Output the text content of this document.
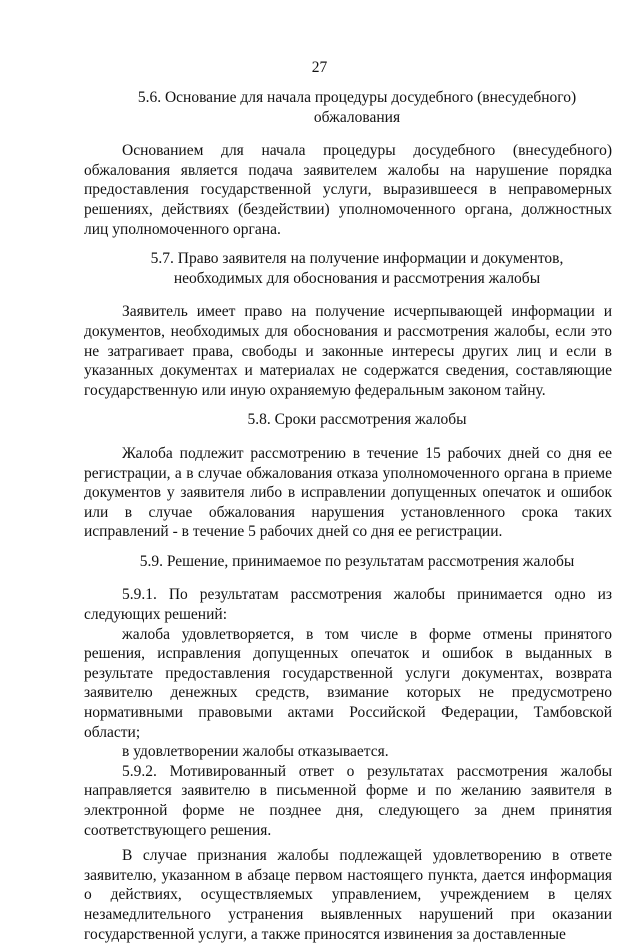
27
5.6. Основание для начала процедуры досудебного (внесудебного)
обжалования

Основанием для начала процедуры досудебного (внесудебного) обжалования является подача заявителем жалобы на нарушение порядка предоставления государственной услуги, выразившееся в неправомерных решениях, действиях (бездействии) уполномоченного органа, должностных лиц уполномоченного органа.

5.7. Право заявителя на получение информации и документов,
необходимых для обоснования и рассмотрения жалобы

Заявитель имеет право на получение исчерпывающей информации и документов, необходимых для обоснования и рассмотрения жалобы, если это не затрагивает права, свободы и законные интересы других лиц и если в указанных документах и материалах не содержатся сведения, составляющие государственную или иную охраняемую федеральным законом тайну.

5.8. Сроки рассмотрения жалобы

Жалоба подлежит рассмотрению в течение 15 рабочих дней со дня ее регистрации, а в случае обжалования отказа уполномоченного органа в приеме документов у заявителя либо в исправлении допущенных опечаток и ошибок или в случае обжалования нарушения установленного срока таких исправлений - в течение 5 рабочих дней со дня ее регистрации.

5.9. Решение, принимаемое по результатам рассмотрения жалобы

5.9.1. По результатам рассмотрения жалобы принимается одно из следующих решений:

жалоба удовлетворяется, в том числе в форме отмены принятого решения, исправления допущенных опечаток и ошибок в выданных в результате предоставления государственной услуги документах, возврата заявителю денежных средств, взимание которых не предусмотрено нормативными правовыми актами Российской Федерации, Тамбовской области;

в удовлетворении жалобы отказывается.

5.9.2. Мотивированный ответ о результатах рассмотрения жалобы направляется заявителю в письменной форме и по желанию заявителя в электронной форме не позднее дня, следующего за днем принятия соответствующего решения.

В случае признания жалобы подлежащей удовлетворению в ответе заявителю, указанном в абзаце первом настоящего пункта, дается информация о действиях, осуществляемых управлением, учреждением в целях незамедлительного устранения выявленных нарушений при оказании государственной услуги, а также приносятся извинения за доставленные
